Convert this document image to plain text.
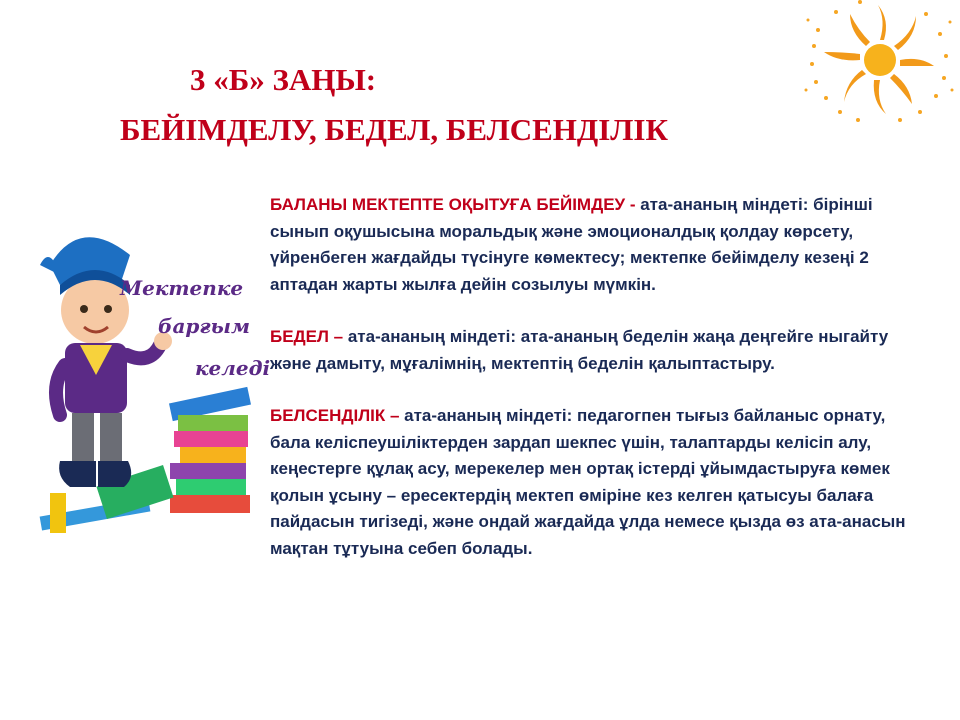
3 «Б» ЗАҢЫ:
БЕЙІМДЕЛУ, БЕДЕЛ, БЕЛСЕНДІЛІК
Мектепке
барғым
келеді

БАЛАНЫ МЕКТЕПТЕ ОҚЫТУҒА БЕЙІМДЕУ - ата-ананың міндеті: бірінші сынып оқушысына моральдық және эмоционалдық қолдау көрсету, үйренбеген жағдайды түсінуге көмектесу; мектепке бейімделу кезеңі 2 аптадан жарты жылға дейін созылуы мүмкін.

БЕДЕЛ – ата-ананың міндеті: ата-ананың беделін жаңа деңгейге ныгайту және дамыту, мұғалімнің, мектептің беделін қалыптастыру.

БЕЛСЕНДІЛІК – ата-ананың міндеті: педагогпен тығыз байланыс орнату, бала келіспеушіліктерден зардап шекпес үшін, талаптарды келісіп алу, кеңестерге құлақ асу, мерекелер мен ортақ істерді ұйымдастыруға көмек қолын ұсыну – ересектердің мектеп өміріне кез келген қатысуы балаға пайдасын тигізеді, және ондай жағдайда ұлда немесе қызда өз ата-анасын мақтан тұтуына себеп болады.
